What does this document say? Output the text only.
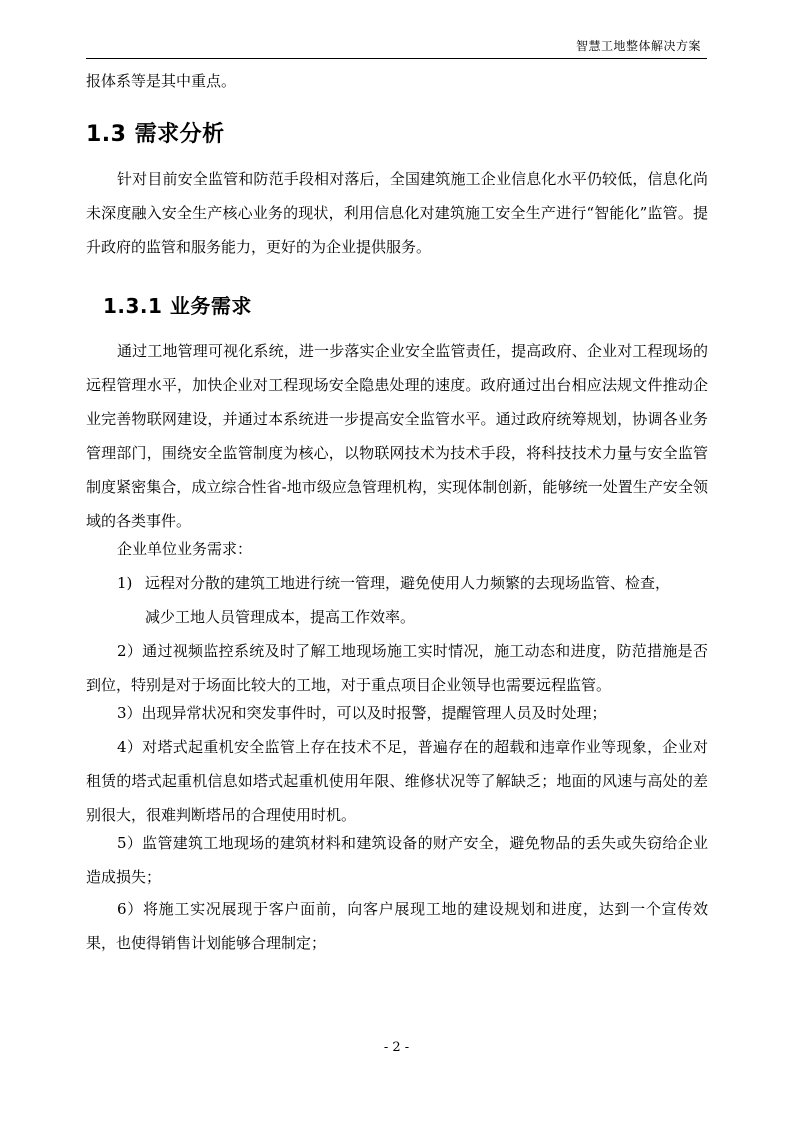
智慧工地整体解决方案

报体系等是其中重点。

1.3 需求分析

针对目前安全监管和防范手段相对落后，全国建筑施工企业信息化水平仍较低，信息化尚未深度融入安全生产核心业务的现状，利用信息化对建筑施工安全生产进行“智能化”监管。提升政府的监管和服务能力，更好的为企业提供服务。

1.3.1 业务需求

通过工地管理可视化系统，进一步落实企业安全监管责任，提高政府、企业对工程现场的远程管理水平，加快企业对工程现场安全隐患处理的速度。政府通过出台相应法规文件推动企业完善物联网建设，并通过本系统进一步提高安全监管水平。通过政府统筹规划，协调各业务管理部门，围绕安全监管制度为核心，以物联网技术为技术手段，将科技技术力量与安全监管制度紧密集合，成立综合性省-地市级应急管理机构，实现体制创新，能够统一处置生产安全领域的各类事件。

企业单位业务需求：

1) 远程对分散的建筑工地进行统一管理，避免使用人力频繁的去现场监管、检查，
减少工地人员管理成本，提高工作效率。

2）通过视频监控系统及时了解工地现场施工实时情况，施工动态和进度，防范措施是否到位，特别是对于场面比较大的工地，对于重点项目企业领导也需要远程监管。

3）出现异常状况和突发事件时，可以及时报警，提醒管理人员及时处理；

4）对塔式起重机安全监管上存在技术不足，普遍存在的超载和违章作业等现象，企业对租赁的塔式起重机信息如塔式起重机使用年限、维修状况等了解缺乏；地面的风速与高处的差别很大，很难判断塔吊的合理使用时机。

5）监管建筑工地现场的建筑材料和建筑设备的财产安全，避免物品的丢失或失窃给企业造成损失；

6）将施工实况展现于客户面前，向客户展现工地的建设规划和进度，达到一个宣传效果，也使得销售计划能够合理制定；

- 2 -
